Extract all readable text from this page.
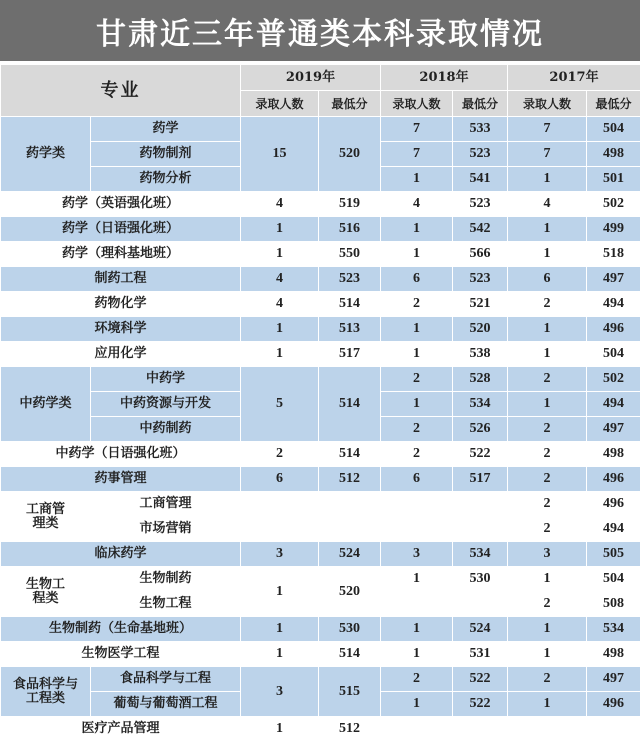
甘肃近三年普通类本科录取情况
专业		2019年		2018年		2017年	
		录取人数	最低分	录取人数	最低分	录取人数	最低分
药学类	药学	15	520	7	533	7	504
	药物制剂			7	523	7	498
	药物分析			1	541	1	501
药学（英语强化班）		4	519	4	523	4	502
药学（日语强化班）		1	516	1	542	1	499
药学（理科基地班）		1	550	1	566	1	518
制药工程		4	523	6	523	6	497
药物化学		4	514	2	521	2	494
环境科学		1	513	1	520	1	496
应用化学		1	517	1	538	1	504
中药学类	中药学	5	514	2	528	2	502
	中药资源与开发			1	534	1	494
	中药制药			2	526	2	497
中药学（日语强化班）		2	514	2	522	2	498
药事管理		6	512	6	517	2	496
工商管理类	工商管理					2	496
	市场营销					2	494
临床药学		3	524	3	534	3	505
生物工程类	生物制药	1	520	1	530	1	504
	生物工程					2	508
生物制药（生命基地班）		1	530	1	524	1	534
生物医学工程		1	514	1	531	1	498
食品科学与工程类	食品科学与工程	3	515	2	522	2	497
	葡萄与葡萄酒工程			1	522	1	496
医疗产品管理		1	512				
